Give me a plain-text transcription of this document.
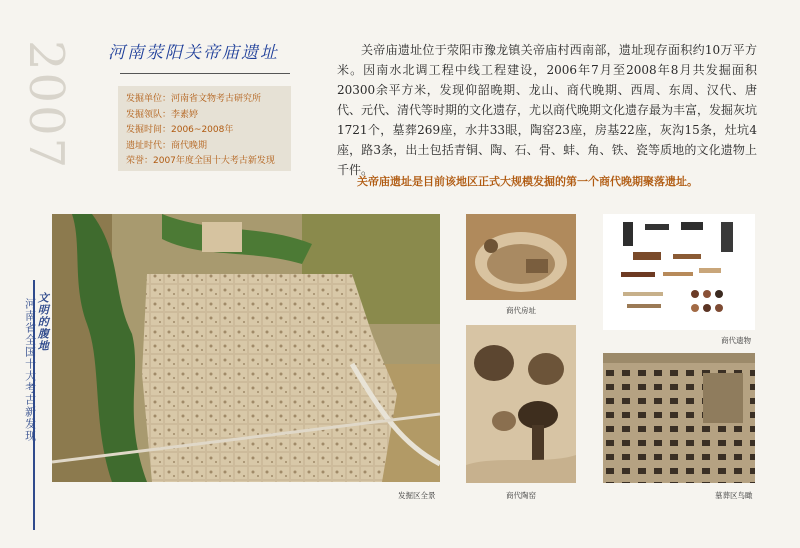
2007
文明的腹地
河南省全国十大考古新发现
河南荥阳关帝庙遗址
发掘单位：河南省文物考古研究所
发掘领队：李素婷
发掘时间：2006~2008年
遗址时代：商代晚期
荣誉：2007年度全国十大考古新发现

关帝庙遗址位于荥阳市豫龙镇关帝庙村西南部，遗址现存面积约10万平方米。因南水北调工程中线工程建设，2006年7月至2008年8月共发掘面积20300余平方米，发现仰韶晚期、龙山、商代晚期、西周、东周、汉代、唐代、元代、清代等时期的文化遗存，尤以商代晚期文化遗存最为丰富，发掘灰坑1721个，墓葬269座，水井33眼，陶窑23座，房基22座，灰沟15条，灶坑4座，路3条，出土包括青铜、陶、石、骨、蚌、角、铁、瓷等质地的文化遗物上千件。

关帝庙遗址是目前该地区正式大规模发掘的第一个商代晚期聚落遗址。
发掘区全景
商代房址
商代遗物
商代陶窑	墓葬区鸟瞰
